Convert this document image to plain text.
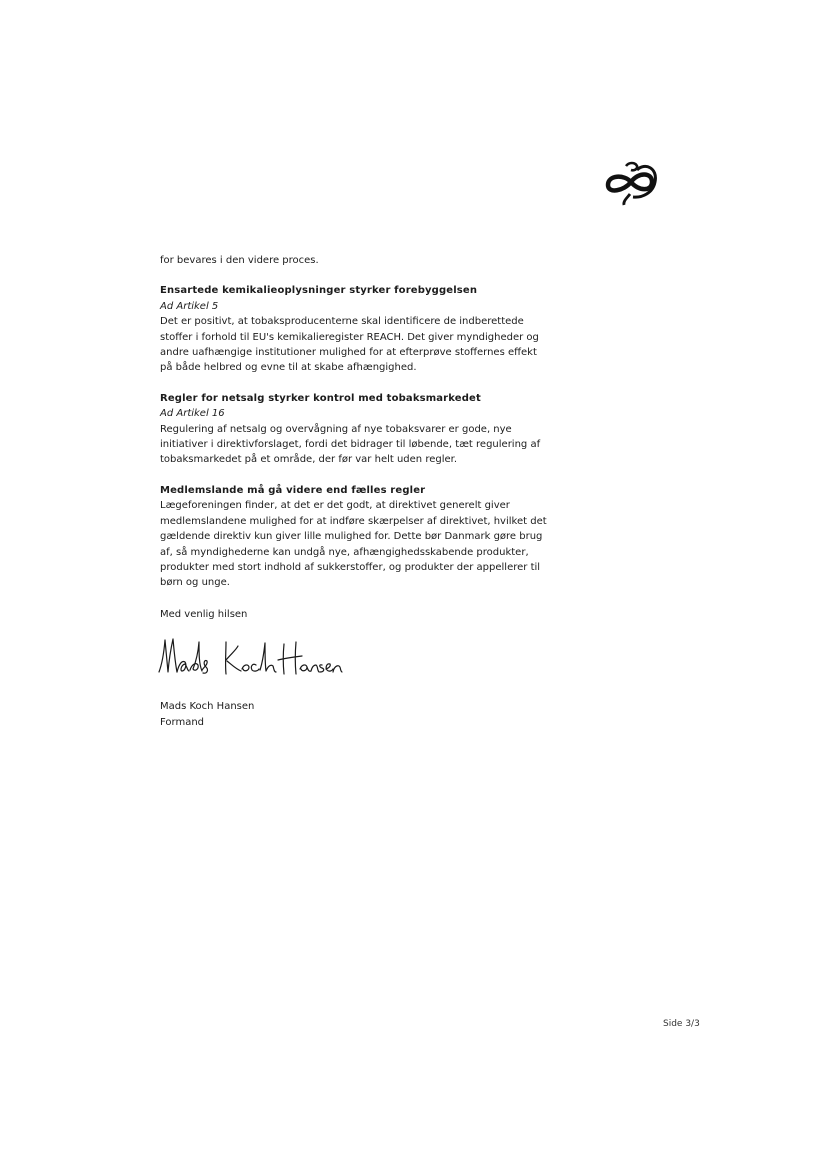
for bevares i den videre proces.

Ensartede kemikalieoplysninger styrker forebyggelsen

Ad Artikel 5

Det er positivt, at tobaksproducenterne skal identificere de indberettede

stoffer i forhold til EU's kemikalieregister REACH. Det giver myndigheder og

andre uafhængige institutioner mulighed for at efterprøve stoffernes effekt

på både helbred og evne til at skabe afhængighed.

Regler for netsalg styrker kontrol med tobaksmarkedet

Ad Artikel 16

Regulering af netsalg og overvågning af nye tobaksvarer er gode, nye

initiativer i direktivforslaget, fordi det bidrager til løbende, tæt regulering af

tobaksmarkedet på et område, der før var helt uden regler.

Medlemslande må gå videre end fælles regler

Lægeforeningen finder, at det er det godt, at direktivet generelt giver

medlemslandene mulighed for at indføre skærpelser af direktivet, hvilket det

gældende direktiv kun giver lille mulighed for. Dette bør Danmark gøre brug

af, så myndighederne kan undgå nye, afhængighedsskabende produkter,

produkter med stort indhold af sukkerstoffer, og produkter der appellerer til

børn og unge.

Med venlig hilsen

Mads Koch Hansen

Formand

Side 3/3
